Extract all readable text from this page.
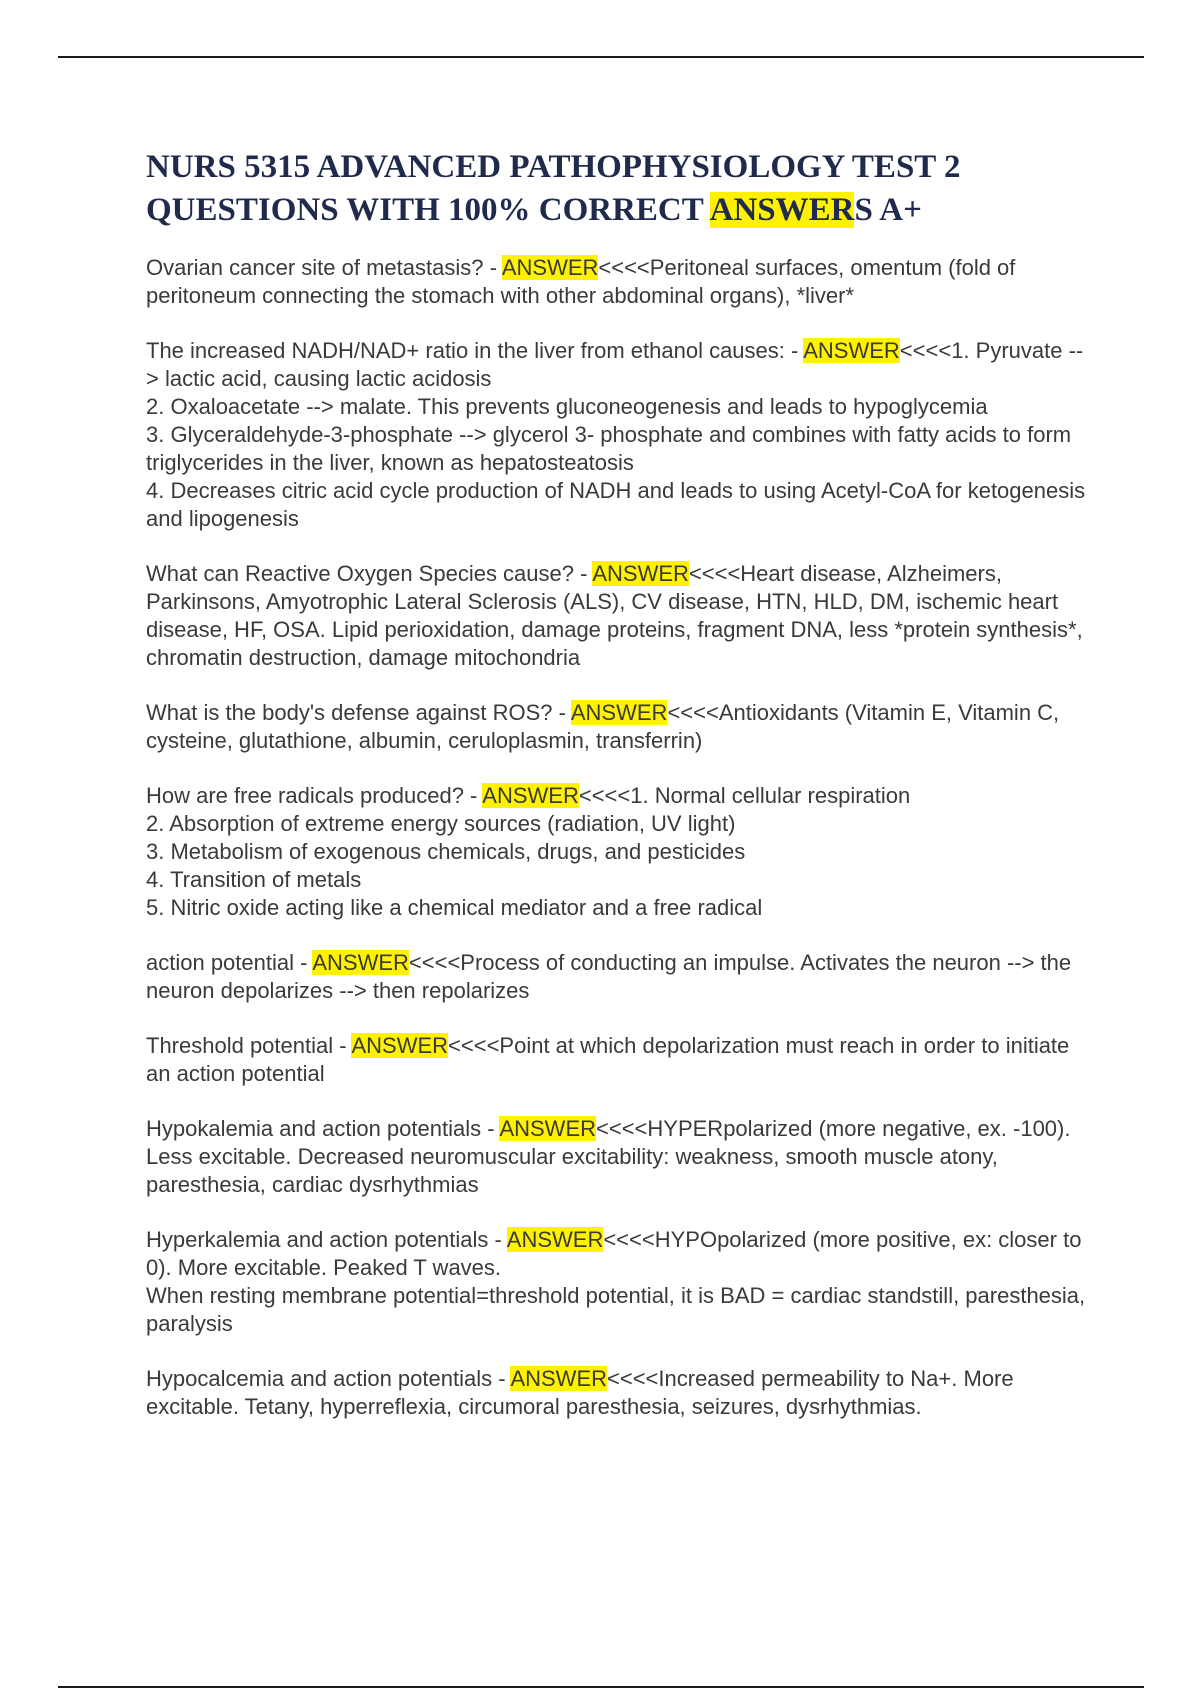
NURS 5315 ADVANCED PATHOPHYSIOLOGY TEST 2
QUESTIONS WITH 100% CORRECT ANSWERS A+
Ovarian cancer site of metastasis? - ANSWER<<<<Peritoneal surfaces, omentum (fold of peritoneum connecting the stomach with other abdominal organs), *liver*
The increased NADH/NAD+ ratio in the liver from ethanol causes: - ANSWER<<<<1. Pyruvate --> lactic acid, causing lactic acidosis
2. Oxaloacetate --> malate. This prevents gluconeogenesis and leads to hypoglycemia
3. Glyceraldehyde-3-phosphate --> glycerol 3- phosphate and combines with fatty acids to form triglycerides in the liver, known as hepatosteatosis
4. Decreases citric acid cycle production of NADH and leads to using Acetyl-CoA for ketogenesis and lipogenesis
What can Reactive Oxygen Species cause? - ANSWER<<<<Heart disease, Alzheimers, Parkinsons, Amyotrophic Lateral Sclerosis (ALS), CV disease, HTN, HLD, DM, ischemic heart disease, HF, OSA. Lipid perioxidation, damage proteins, fragment DNA, less *protein synthesis*, chromatin destruction, damage mitochondria
What is the body's defense against ROS? - ANSWER<<<<Antioxidants (Vitamin E, Vitamin C, cysteine, glutathione, albumin, ceruloplasmin, transferrin)
How are free radicals produced? - ANSWER<<<<1. Normal cellular respiration
2. Absorption of extreme energy sources (radiation, UV light)
3. Metabolism of exogenous chemicals, drugs, and pesticides
4. Transition of metals
5. Nitric oxide acting like a chemical mediator and a free radical
action potential - ANSWER<<<<Process of conducting an impulse. Activates the neuron --> the neuron depolarizes --> then repolarizes
Threshold potential - ANSWER<<<<Point at which depolarization must reach in order to initiate an action potential
Hypokalemia and action potentials - ANSWER<<<<HYPERpolarized (more negative, ex. -100). Less excitable. Decreased neuromuscular excitability: weakness, smooth muscle atony, paresthesia, cardiac dysrhythmias
Hyperkalemia and action potentials - ANSWER<<<<HYPOpolarized (more positive, ex: closer to 0). More excitable. Peaked T waves.
When resting membrane potential=threshold potential, it is BAD = cardiac standstill, paresthesia, paralysis
Hypocalcemia and action potentials - ANSWER<<<<Increased permeability to Na+. More excitable. Tetany, hyperreflexia, circumoral paresthesia, seizures, dysrhythmias.
